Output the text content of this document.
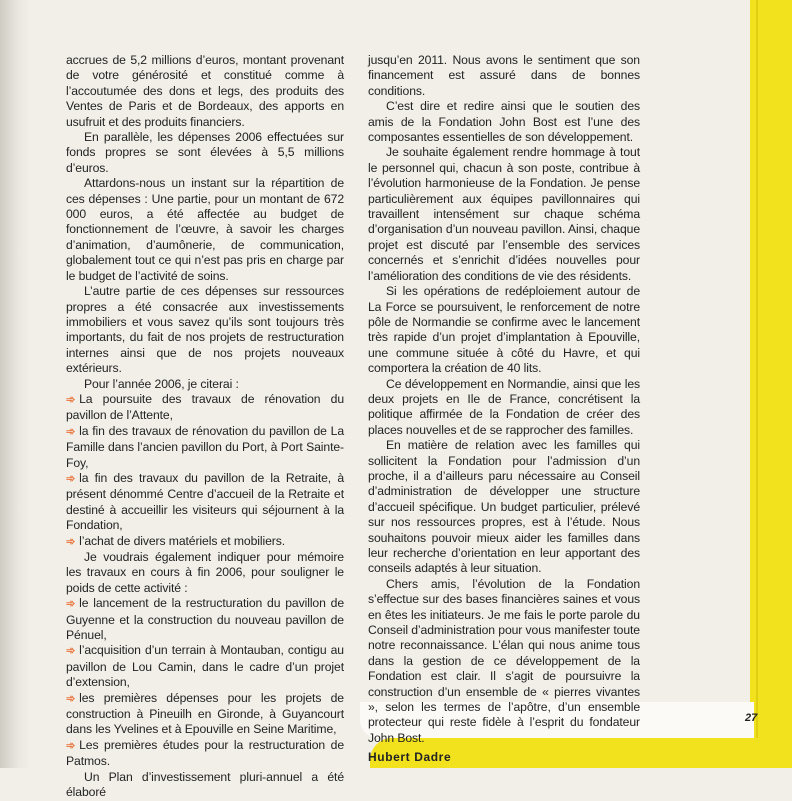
27

accrues de 5,2 millions d’euros, montant provenant de votre générosité et constitué comme à l’accoutumée des dons et legs, des produits des Ventes de Paris et de Bordeaux, des apports en usufruit et des produits financiers.

En parallèle, les dépenses 2006 effectuées sur fonds propres se sont élevées à 5,5 millions d’euros.

Attardons-nous un instant sur la répartition de ces dépenses : Une partie, pour un montant de 672 000 euros, a été affectée au budget de fonctionnement de l’œuvre, à savoir les charges d’animation, d’aumônerie, de communication, globalement tout ce qui n’est pas pris en charge par le budget de l’activité de soins.

L’autre partie de ces dépenses sur ressources propres a été consacrée aux investissements immobiliers et vous savez qu’ils sont toujours très importants, du fait de nos projets de restructuration internes ainsi que de nos projets nouveaux extérieurs.

Pour l’année 2006, je citerai :

➾ La poursuite des travaux de rénovation du pavillon de l’Attente,

➾ la fin des travaux de rénovation du pavillon de La Famille dans l’ancien pavillon du Port, à Port Sainte-Foy,

➾ la fin des travaux du pavillon de la Retraite, à présent dénommé Centre d’accueil de la Retraite et destiné à accueillir les visiteurs qui séjournent à la Fondation,

➾ l’achat de divers matériels et mobiliers.

Je voudrais également indiquer pour mémoire les travaux en cours à fin 2006, pour souligner le poids de cette activité :

➾ le lancement de la restructuration du pavillon de Guyenne et la construction du nouveau pavillon de Pénuel,

➾ l’acquisition d’un terrain à Montauban, contigu au pavillon de Lou Camin, dans le cadre d’un projet d’extension,

➾ les premières dépenses pour les projets de construction à Pineuilh en Gironde, à Guyancourt dans les Yvelines et à Epouville en Seine Maritime,

➾ Les premières études pour la restructuration de Patmos.

Un Plan d’investissement pluri-annuel a été élaboré

jusqu’en 2011. Nous avons le sentiment que son financement est assuré dans de bonnes conditions.

C’est dire et redire ainsi que le soutien des amis de la Fondation John Bost est l’une des composantes essentielles de son développement.

Je souhaite également rendre hommage à tout le personnel qui, chacun à son poste, contribue à l’évolution harmonieuse de la Fondation. Je pense particulièrement aux équipes pavillonnaires qui travaillent intensément sur chaque schéma d’organisation d’un nouveau pavillon. Ainsi, chaque projet est discuté par l’ensemble des services concernés et s’enrichit d’idées nouvelles pour l’amélioration des conditions de vie des résidents.

Si les opérations de redéploiement autour de La Force se poursuivent, le renforcement de notre pôle de Normandie se confirme avec le lancement très rapide d’un projet d’implantation à Epouville, une commune située à côté du Havre, et qui comportera la création de 40 lits.

Ce développement en Normandie, ainsi que les deux projets en Ile de France, concrétisent la politique affirmée de la Fondation de créer des places nouvelles et de se rapprocher des familles.

En matière de relation avec les familles qui sollicitent la Fondation pour l’admission d’un proche, il a d’ailleurs paru nécessaire au Conseil d’administration de développer une structure d’accueil spécifique. Un budget particulier, prélevé sur nos ressources propres, est à l’étude. Nous souhaitons pouvoir mieux aider les familles dans leur recherche d’orientation en leur apportant des conseils adaptés à leur situation.

Chers amis, l’évolution de la Fondation s’effectue sur des bases financières saines et vous en êtes les initiateurs. Je me fais le porte parole du Conseil d’administration pour vous manifester toute notre reconnaissance. L’élan qui nous anime tous dans la gestion de ce développement de la Fondation est clair. Il s’agit de poursuivre la construction d’un ensemble de « pierres vivantes », selon les termes de l’apôtre, d’un ensemble protecteur qui reste fidèle à l’esprit du fondateur John Bost.

Hubert Dadre
